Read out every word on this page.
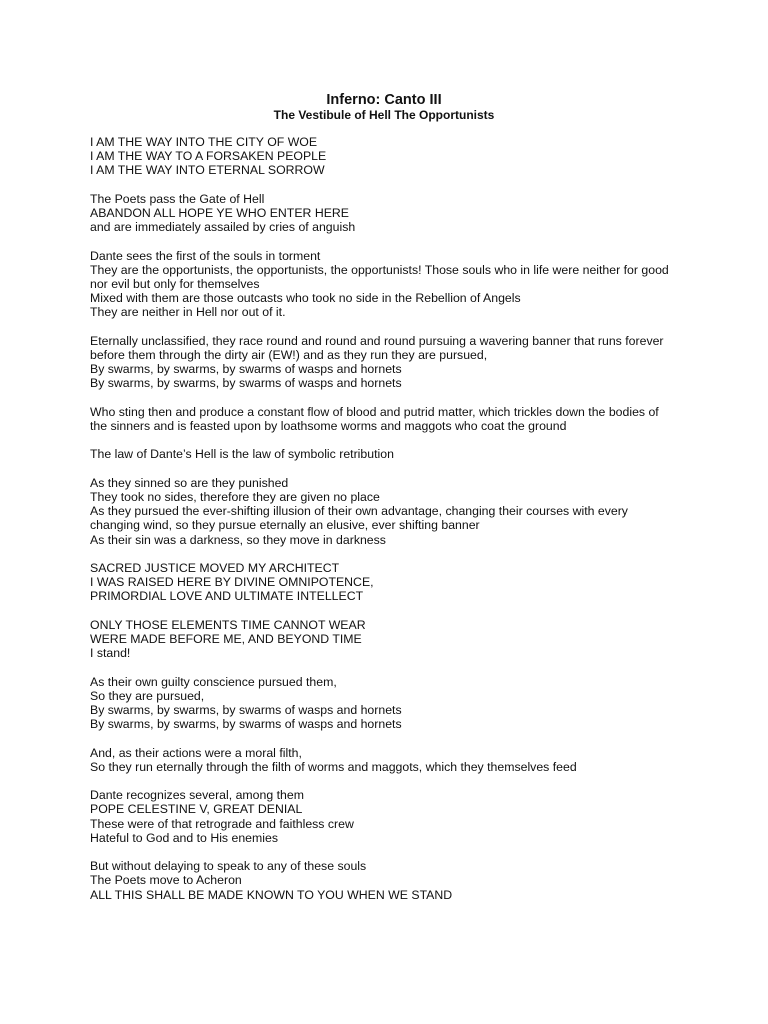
Inferno: Canto III
The Vestibule of Hell The Opportunists
I AM THE WAY INTO THE CITY OF WOE
I AM THE WAY TO A FORSAKEN PEOPLE
I AM THE WAY INTO ETERNAL SORROW
The Poets pass the Gate of Hell
ABANDON ALL HOPE YE WHO ENTER HERE
and are immediately assailed by cries of anguish
Dante sees the first of the souls in torment
They are the opportunists, the opportunists, the opportunists! Those souls who in life were neither for good nor evil but only for themselves
Mixed with them are those outcasts who took no side in the Rebellion of Angels
They are neither in Hell nor out of it.
Eternally unclassified, they race round and round and round pursuing a wavering banner that runs forever before them through the dirty air (EW!) and as they run they are pursued,
By swarms, by swarms, by swarms of wasps and hornets
By swarms, by swarms, by swarms of wasps and hornets
Who sting then and produce a constant flow of blood and putrid matter, which trickles down the bodies of the sinners and is feasted upon by loathsome worms and maggots who coat the ground
The law of Dante’s Hell is the law of symbolic retribution
As they sinned so are they punished
They took no sides, therefore they are given no place
As they pursued the ever-shifting illusion of their own advantage, changing their courses with every changing wind, so they pursue eternally an elusive, ever shifting banner
As their sin was a darkness, so they move in darkness
SACRED JUSTICE MOVED MY ARCHITECT
I WAS RAISED HERE BY DIVINE OMNIPOTENCE,
PRIMORDIAL LOVE AND ULTIMATE INTELLECT
ONLY THOSE ELEMENTS TIME CANNOT WEAR
WERE MADE BEFORE ME, AND BEYOND TIME
I stand!
As their own guilty conscience pursued them,
So they are pursued,
By swarms, by swarms, by swarms of wasps and hornets
By swarms, by swarms, by swarms of wasps and hornets
And, as their actions were a moral filth,
So they run eternally through the filth of worms and maggots, which they themselves feed
Dante recognizes several, among them
POPE CELESTINE V, GREAT DENIAL
These were of that retrograde and faithless crew
Hateful to God and to His enemies
But without delaying to speak to any of these souls
The Poets move to Acheron
ALL THIS SHALL BE MADE KNOWN TO YOU WHEN WE STAND
